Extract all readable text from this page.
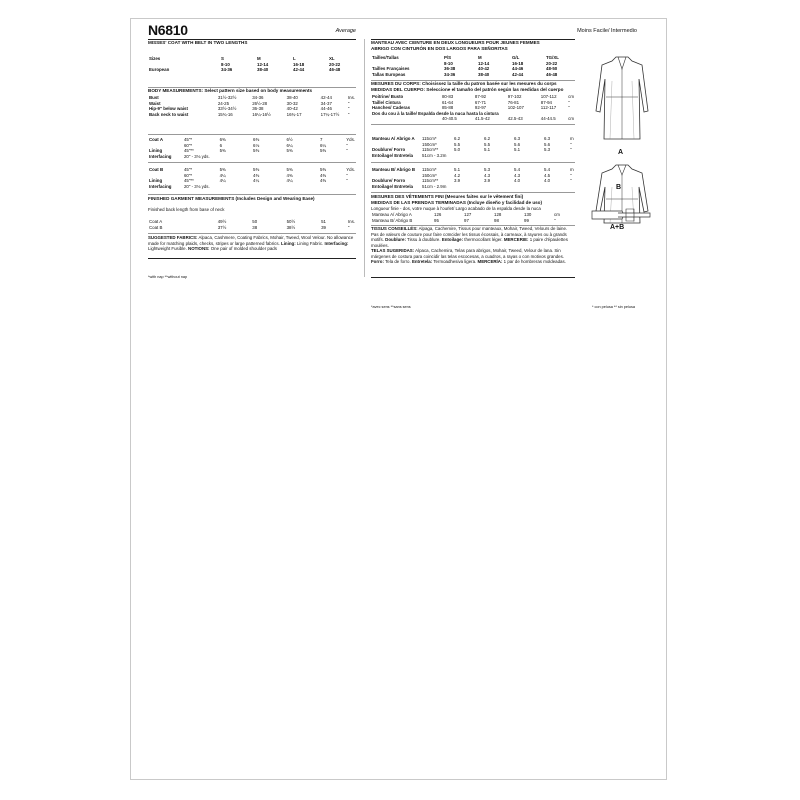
N6810	Average
MISSES' COAT WITH BELT IN TWO LENGTHS
Sizes	S	M	L	XL
	8-10	12-14	16-18	20-22
European	34-36	38-40	42-44	46-48
BODY MEASUREMENTS: Select pattern size based on body measurements
Bust	31½-32½	34-36	38-40	42-44	Ins.
Waist	24-25	26½-28	30-32	34-37	"
Hip-9" below waist	33½-34½	36-38	40-42	44-46	"
Back neck to waist	15¾-16	16¼-16½	16¾-17	17¼-17½	"
Coat A	45"*	6⅜	6⅜	6½	7	Yds.
	60"*	6	6⅛	6¼	6¼	"
Lining	45"**	5⅜	5⅜	5⅜	5⅜	"
Interfacing	20" - 3⅛ yds.					
Coat B	45"*	5⅜	5⅜	5⅜	5⅜	Yds.
	60"*	4¼	4⅜	4⅜	4⅜	"
Lining	45"**	4¼	4¼	4¼	4⅜	"
Interfacing	20" - 3⅛ yds.					
FINISHED GARMENT MEASUREMENTS (Includes Design and Wearing Ease)
Finished back length from base of neck
Coat A	49½	50	50½	51	Ins.
Coat B	37½	38	38½	39	"
SUGGESTED FABRICS: Alpaca, Cashmere, Coating Fabrics, Mohair, Tweed, Wool Velour. No allowance made for matching plaids, checks, stripes or large patterned fabrics. Lining: Lining Fabric. Interfacing: Lightweight Fusible. NOTIONS: One pair of molded shoulder pads
*with nap **without nap
Moins Facile/ Intermedio
MANTEAU AVEC CEINTURE EN DEUX LONGUEURS POUR JEUNES FEMMES
ABRIGO CON CINTURÓN EN DOS LARGOS PARA SEÑORITAS
Tailles/Tallas	P/S	M	G/L	TG/XL
	8-10	12-14	16-18	20-22
Tailles Françaises	36-38	40-42	44-46	48-50
Tallas Europeas	34-36	38-40	42-44	46-48
MESURES DU CORPS: Choisissez la taille du patron basée sur les mesures du corps
MEDIDAS DEL CUERPO: Seleccione el tamaño del patrón según las medidas del cuerpo
Poitrine/ Busto	80-83	87-92	97-102	107-112	cm
Taille/ Cintura	61-64	67-71	76-81	87-94	"
Hanches/ Caderas	85-88	92-97	102-107	112-117	"
Dos du cou à la taille/ Espalda desde la nuca hasta la cintura					
	40-40.5	41.5-42	42.5-43	44-44.5	cm
Manteau A/ Abrigo A	115cm*	6.2	6.2	6.3	6.3	m
	150cm*	5.5	5.5	5.6	5.6	"
Doublure/ Forro	115cm**	5.0	5.1	5.1	5.3	"
Entoilage/ Entretela	51cm - 3.2m					
Manteau B/ Abrigo B	115cm*	5.1	5.3	5.4	5.4	m
	150cm*	4.2	4.3	4.3	4.5	"
Doublure/ Forro	115cm**	3.9	3.9	4.0	4.0	"
Entoilage/ Entretela	51cm - 2.9m					
MESURES DES VÊTEMENTS FINI (Mesures faites sur le vêtement fini)
MEDIDAS DE LAS PRENDAS TERMINADAS (Incluye diseño y facilidad de uso)
Longueur finie - dos, votre nuque à l'ourlet/ Largo acabado de la espalda desde la nuca
Manteau A/ Abrigo A	126	127	128	130	cm
Manteau B/ Abrigo B	95	97	98	99	"
TISSUS CONSEILLÉS: Alpaga, Cachemire, Tissus pour manteaux, Mohair, Tweed, Velours de laine. Pas de valeurs de couture pour faire coïncider les tissus écossais, à carreaux, à rayures ou à grands motifs. Doublure: Tissu à doublure. Entoilage: thermocollant léger. MERCERIE: 1 paire d'épaulettes moulées.
TELAS SUGERIDAS: Alpaca, Cachemira, Telas para abrigos, Mohair, Tweed, Velour de lana. Sin márgenes de costura para coincidir las telas escocesas, a cuadros, a rayas o con motivos grandes. Forro: Tela de forro. Entretela: Termoadhesiva ligera. MERCERÍA: 1 par de hombreras moldeadas.
*avec sens **sans sens	* con pelusa ** sin pelusa
A
B
A+B
